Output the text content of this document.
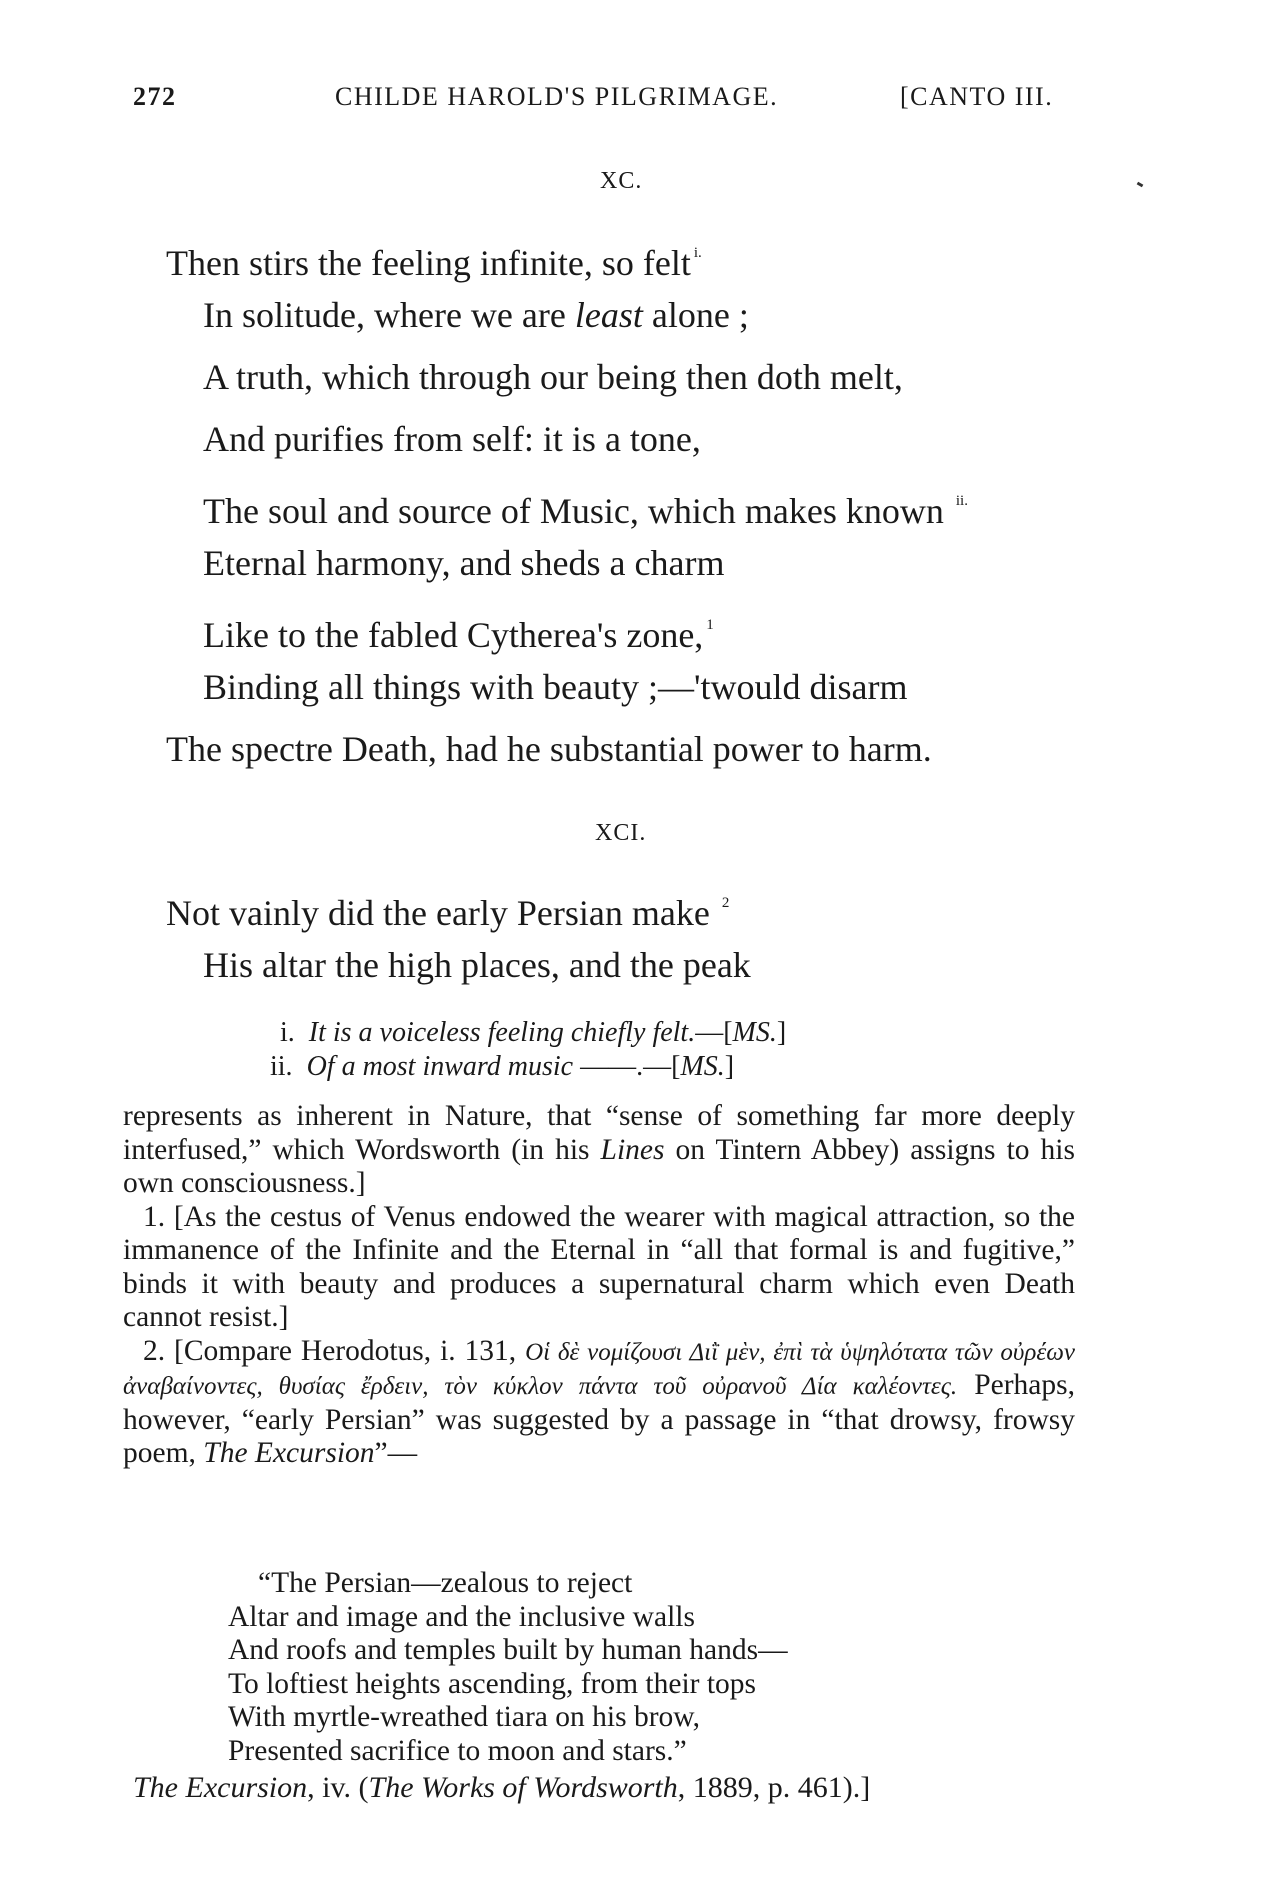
272	CHILDE HAROLD'S PILGRIMAGE.	[CANTO III.
XC.
Then stirs the feeling infinite, so felt $^{i.}$
In solitude, where we are least alone ;
A truth, which through our being then doth melt,
And purifies from self: it is a tone,
The soul and source of Music, which makes known $^{ii.}$
Eternal harmony, and sheds a charm
Like to the fabled Cytherea's zone, $^1$
Binding all things with beauty ;—'twould disarm
The spectre Death, had he substantial power to harm.
XCI.
Not vainly did the early Persian make $^2$
His altar the high places, and the peak
i. It is a voiceless feeling chiefly felt.—[MS.]
ii. Of a most inward music ——.—[MS.]

represents as inherent in Nature, that “sense of something far more deeply interfused,” which Wordsworth (in his Lines on Tintern Abbey) assigns to his own consciousness.]

1. [As the cestus of Venus endowed the wearer with magical attraction, so the immanence of the Infinite and the Eternal in “all that formal is and fugitive,” binds it with beauty and produces a supernatural charm which even Death cannot resist.]

2. [Compare Herodotus, i. 131, Οἱ δὲ νομίζουσι Διῒ μὲν, ἐπὶ τὰ ὑψηλότατα τῶν οὐρέων ἀναβαίνοντες, θυσίας ἔρδειν, τὸν κύκλον πάντα τοῦ οὐρανοῦ Δία καλέοντες. Perhaps, however, “early Persian” was suggested by a passage in “that drowsy, frowsy poem, The Excursion”—

“The Persian—zealous to reject
Altar and image and the inclusive walls
And roofs and temples built by human hands—
To loftiest heights ascending, from their tops
With myrtle-wreathed tiara on his brow,
Presented sacrifice to moon and stars.”
The Excursion, iv. (The Works of Wordsworth, 1889, p. 461).]
